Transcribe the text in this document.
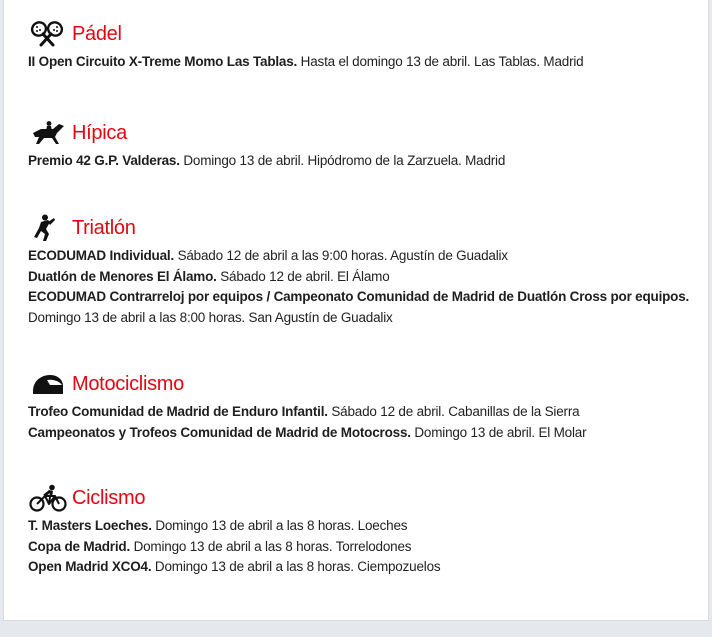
Pádel
II Open Circuito X-Treme Momo Las Tablas. Hasta el domingo 13 de abril. Las Tablas. Madrid
Hípica
Premio 42 G.P. Valderas. Domingo 13 de abril. Hipódromo de la Zarzuela. Madrid
Triatlón
ECODUMAD Individual. Sábado 12 de abril a las 9:00 horas. Agustín de Guadalix
Duatlón de Menores El Álamo. Sábado 12 de abril. El Álamo
ECODUMAD Contrarreloj por equipos / Campeonato Comunidad de Madrid de Duatlón Cross por equipos. Domingo 13 de abril a las 8:00 horas. San Agustín de Guadalix
Motociclismo
Trofeo Comunidad de Madrid de Enduro Infantil. Sábado 12 de abril. Cabanillas de la Sierra
Campeonatos y Trofeos Comunidad de Madrid de Motocross. Domingo 13 de abril. El Molar
Ciclismo
T. Masters Loeches. Domingo 13 de abril a las 8 horas. Loeches
Copa de Madrid. Domingo 13 de abril a las 8 horas. Torrelodones
Open Madrid XCO4. Domingo 13 de abril a las 8 horas. Ciempozuelos
